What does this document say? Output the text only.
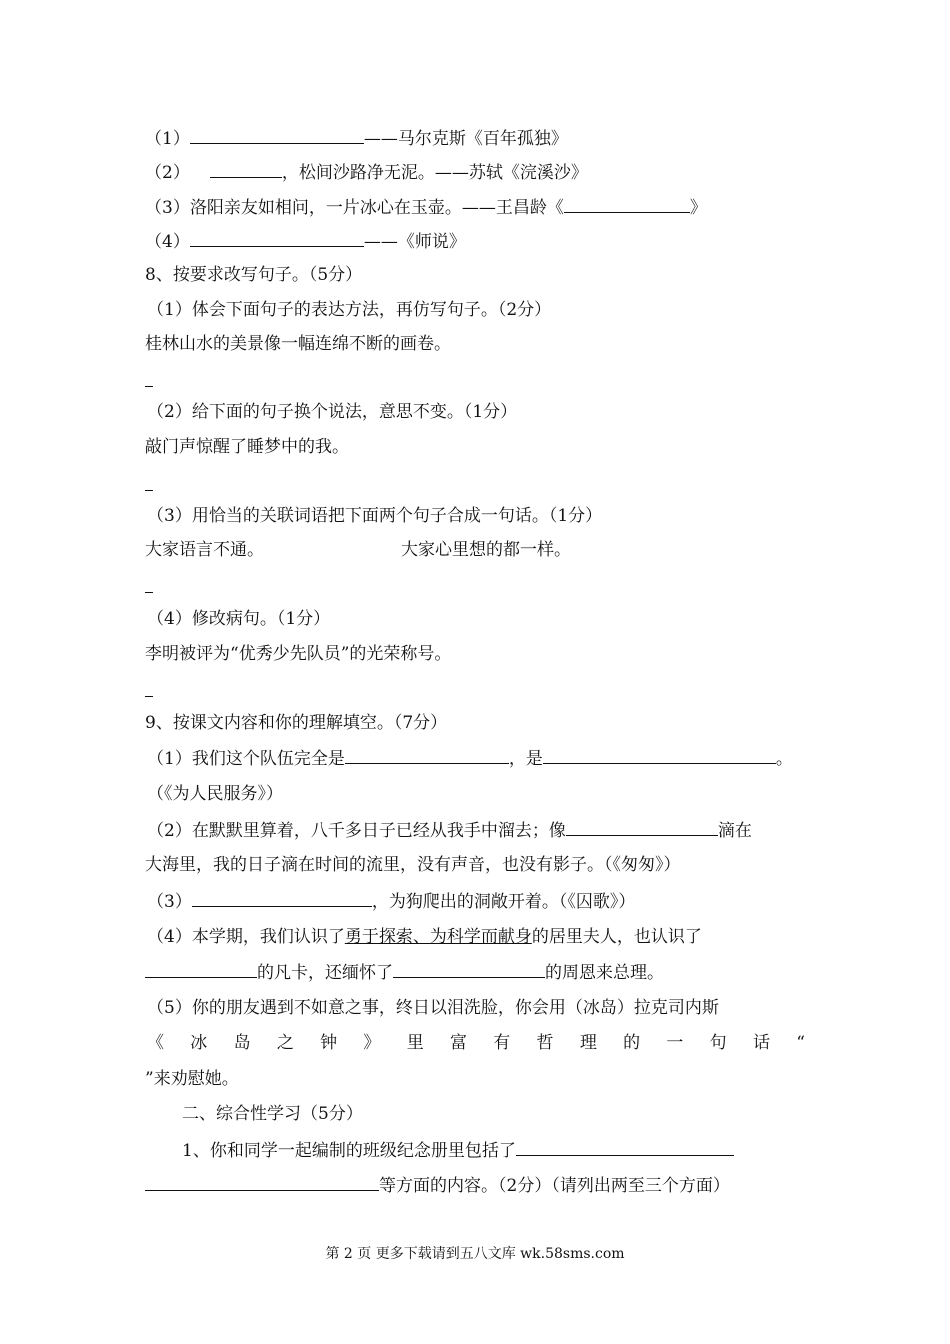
（1）	——马尔克斯《百年孤独》
（2）	，松间沙路净无泥。——苏轼《浣溪沙》
（3）洛阳亲友如相问，一片冰心在玉壶。——王昌龄《	》
（4）	——《师说》
8、按要求改写句子。（5分）
（1）体会下面句子的表达方法，再仿写句子。（2分）
桂林山水的美景像一幅连绵不断的画卷。
（2）给下面的句子换个说法，意思不变。（1分）
敲门声惊醒了睡梦中的我。
（3）用恰当的关联词语把下面两个句子合成一句话。（1分）
大家语言不通。	大家心里想的都一样。
（4）修改病句。（1分）
李明被评为“优秀少先队员”的光荣称号。
9、按课文内容和你的理解填空。（7分）
（1）我们这个队伍完全是	，是	。
（《为人民服务》）
（2）在默默里算着，八千多日子已经从我手中溜去；像	滴在
大海里，我的日子滴在时间的流里，没有声音，也没有影子。（《匆匆》）
（3）	，为狗爬出的洞敞开着。（《囚歌》）
（4）本学期，我们认识了勇于探索、为科学而献身的居里夫人，也认识了
的凡卡，还缅怀了	的周恩来总理。
（5）你的朋友遇到不如意之事，终日以泪洗脸，你会用（冰岛）拉克司内斯
《 冰 岛 之 钟 》 里 富 有 哲 理 的 一 句 话 “
”来劝慰她。
二、综合性学习（5分）
1、你和同学一起编制的班级纪念册里包括了
等方面的内容。（2分）（请列出两至三个方面）
第 2 页 更多下载请到五八文库 wk.58sms.com
